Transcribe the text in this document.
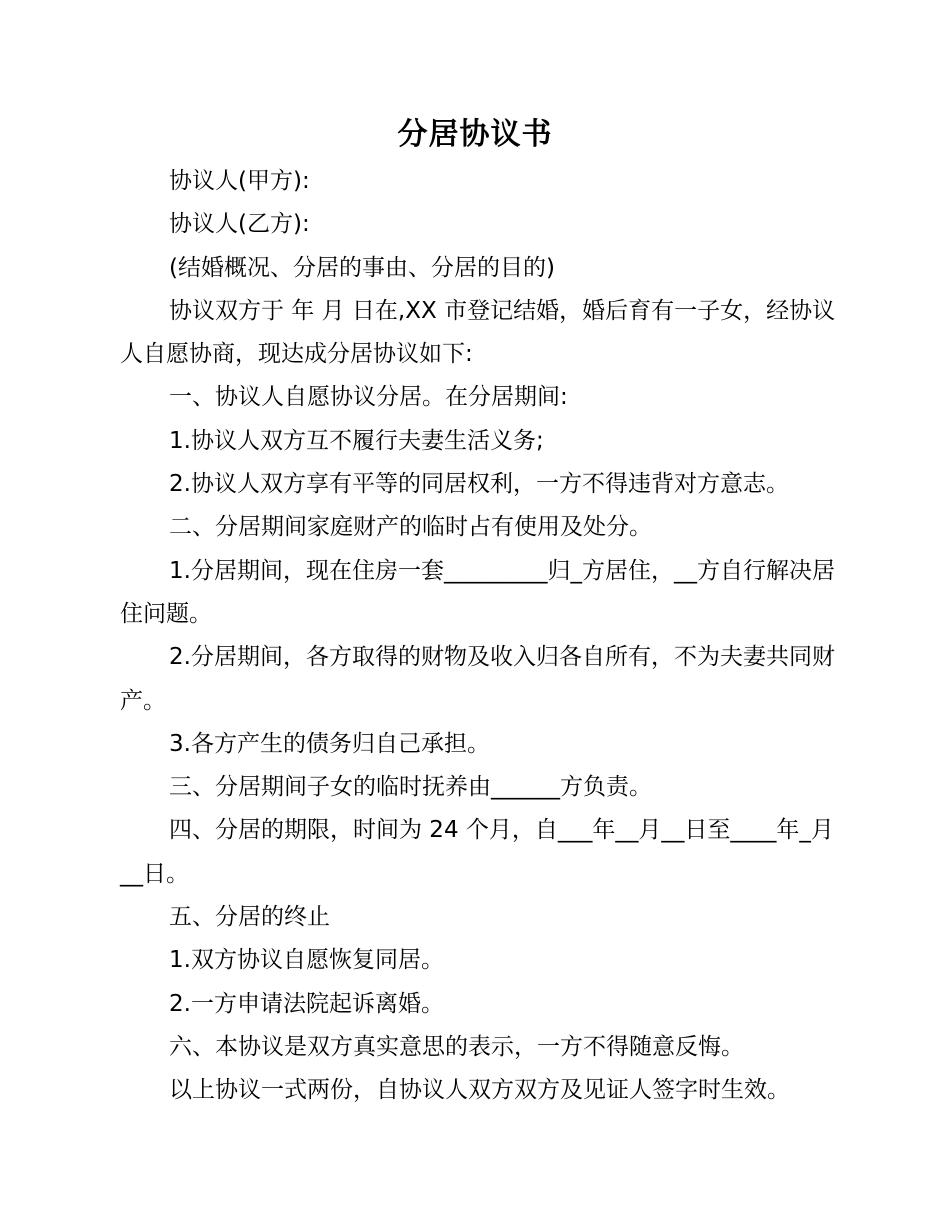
分居协议书

协议人(甲方):

协议人(乙方):

(结婚概况、分居的事由、分居的目的)

协议双方于 年 月 日在,XX 市登记结婚，婚后育有一子女，经协议人自愿协商，现达成分居协议如下:

一、协议人自愿协议分居。在分居期间:

1.协议人双方互不履行夫妻生活义务;

2.协议人双方享有平等的同居权利，一方不得违背对方意志。

二、分居期间家庭财产的临时占有使用及处分。

1.分居期间，现在住房一套_________归_方居住，__方自行解决居住问题。

2.分居期间，各方取得的财物及收入归各自所有，不为夫妻共同财产。

3.各方产生的债务归自己承担。

三、分居期间子女的临时抚养由______方负责。

四、分居的期限，时间为 24 个月，自___年__月__日至____年_月__日。

五、分居的终止

1.双方协议自愿恢复同居。

2.一方申请法院起诉离婚。

六、本协议是双方真实意思的表示，一方不得随意反悔。

以上协议一式两份，自协议人双方双方及见证人签字时生效。
